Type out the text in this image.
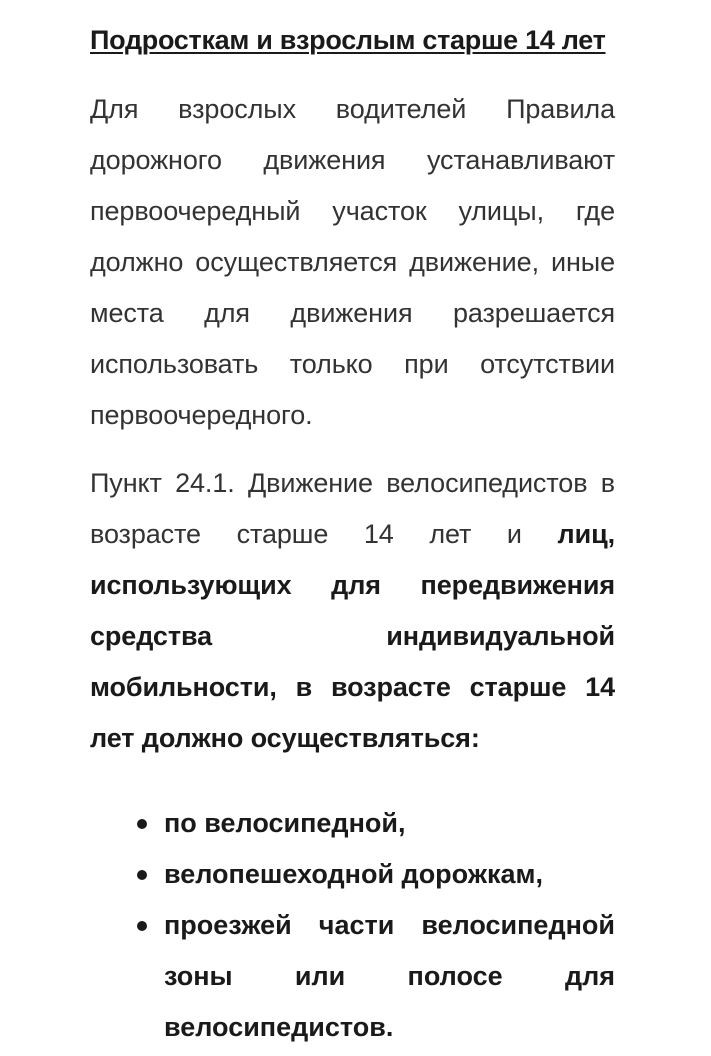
Подросткам и взрослым старше 14 лет

Для взрослых водителей Правила дорожного движения устанавливают первоочередный участок улицы, где должно осуществляется движение, иные места для движения разрешается использовать только при отсутствии первоочередного.

Пункт 24.1. Движение велосипедистов в возрасте старше 14 лет и лиц, использующих для передвижения средства индивидуальной мобильности, в возрасте старше 14 лет должно осуществляться:

по велосипедной,
велопешеходной дорожкам,
проезжей части велосипедной зоны или полосе для велосипедистов.
